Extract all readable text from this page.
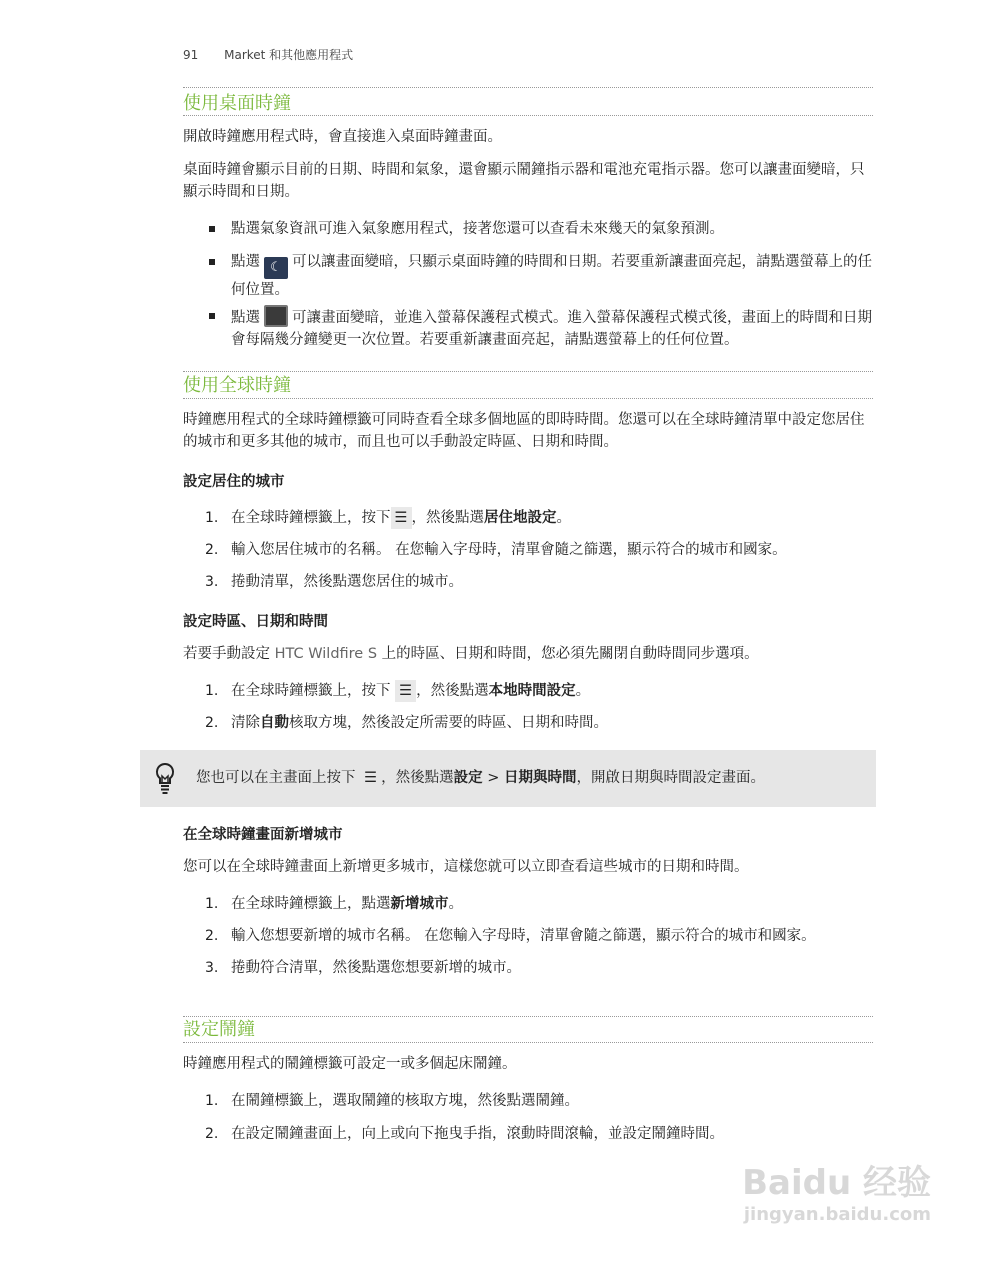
91 Market 和其他應用程式
使用桌面時鐘
開啟時鐘應用程式時，會直接進入桌面時鐘畫面。
桌面時鐘會顯示目前的日期、時間和氣象，還會顯示鬧鐘指示器和電池充電指示器。您可以讓畫面變暗，只顯示時間和日期。
點選氣象資訊可進入氣象應用程式，接著您還可以查看未來幾天的氣象預測。
點選 ☾ 可以讓畫面變暗，只顯示桌面時鐘的時間和日期。若要重新讓畫面亮起，請點選螢幕上的任何位置。
點選 可讓畫面變暗，並進入螢幕保護程式模式。進入螢幕保護程式模式後，畫面上的時間和日期會每隔幾分鐘變更一次位置。若要重新讓畫面亮起，請點選螢幕上的任何位置。
使用全球時鐘
時鐘應用程式的全球時鐘標籤可同時查看全球多個地區的即時時間。您還可以在全球時鐘清單中設定您居住的城市和更多其他的城市，而且也可以手動設定時區、日期和時間。
設定居住的城市
1. 在全球時鐘標籤上，按下 ☰ ，然後點選居住地設定。
2. 輸入您居住城市的名稱。 在您輸入字母時，清單會隨之篩選，顯示符合的城市和國家。
3. 捲動清單，然後點選您居住的城市。
設定時區、日期和時間
若要手動設定 HTC Wildfire S 上的時區、日期和時間，您必須先關閉自動時間同步選項。
1. 在全球時鐘標籤上，按下 ☰ ，然後點選本地時間設定。
2. 清除自動核取方塊，然後設定所需要的時區、日期和時間。
您也可以在主畫面上按下 ☰ ，然後點選設定 > 日期與時間，開啟日期與時間設定畫面。
在全球時鐘畫面新增城市
您可以在全球時鐘畫面上新增更多城市，這樣您就可以立即查看這些城市的日期和時間。
1. 在全球時鐘標籤上，點選新增城市。
2. 輸入您想要新增的城市名稱。 在您輸入字母時，清單會隨之篩選，顯示符合的城市和國家。
3. 捲動符合清單，然後點選您想要新增的城市。
設定鬧鐘
時鐘應用程式的鬧鐘標籤可設定一或多個起床鬧鐘。
1. 在鬧鐘標籤上，選取鬧鐘的核取方塊，然後點選鬧鐘。
2. 在設定鬧鐘畫面上，向上或向下拖曳手指，滾動時間滾輪，並設定鬧鐘時間。
Baidu 经验
jingyan.baidu.com
